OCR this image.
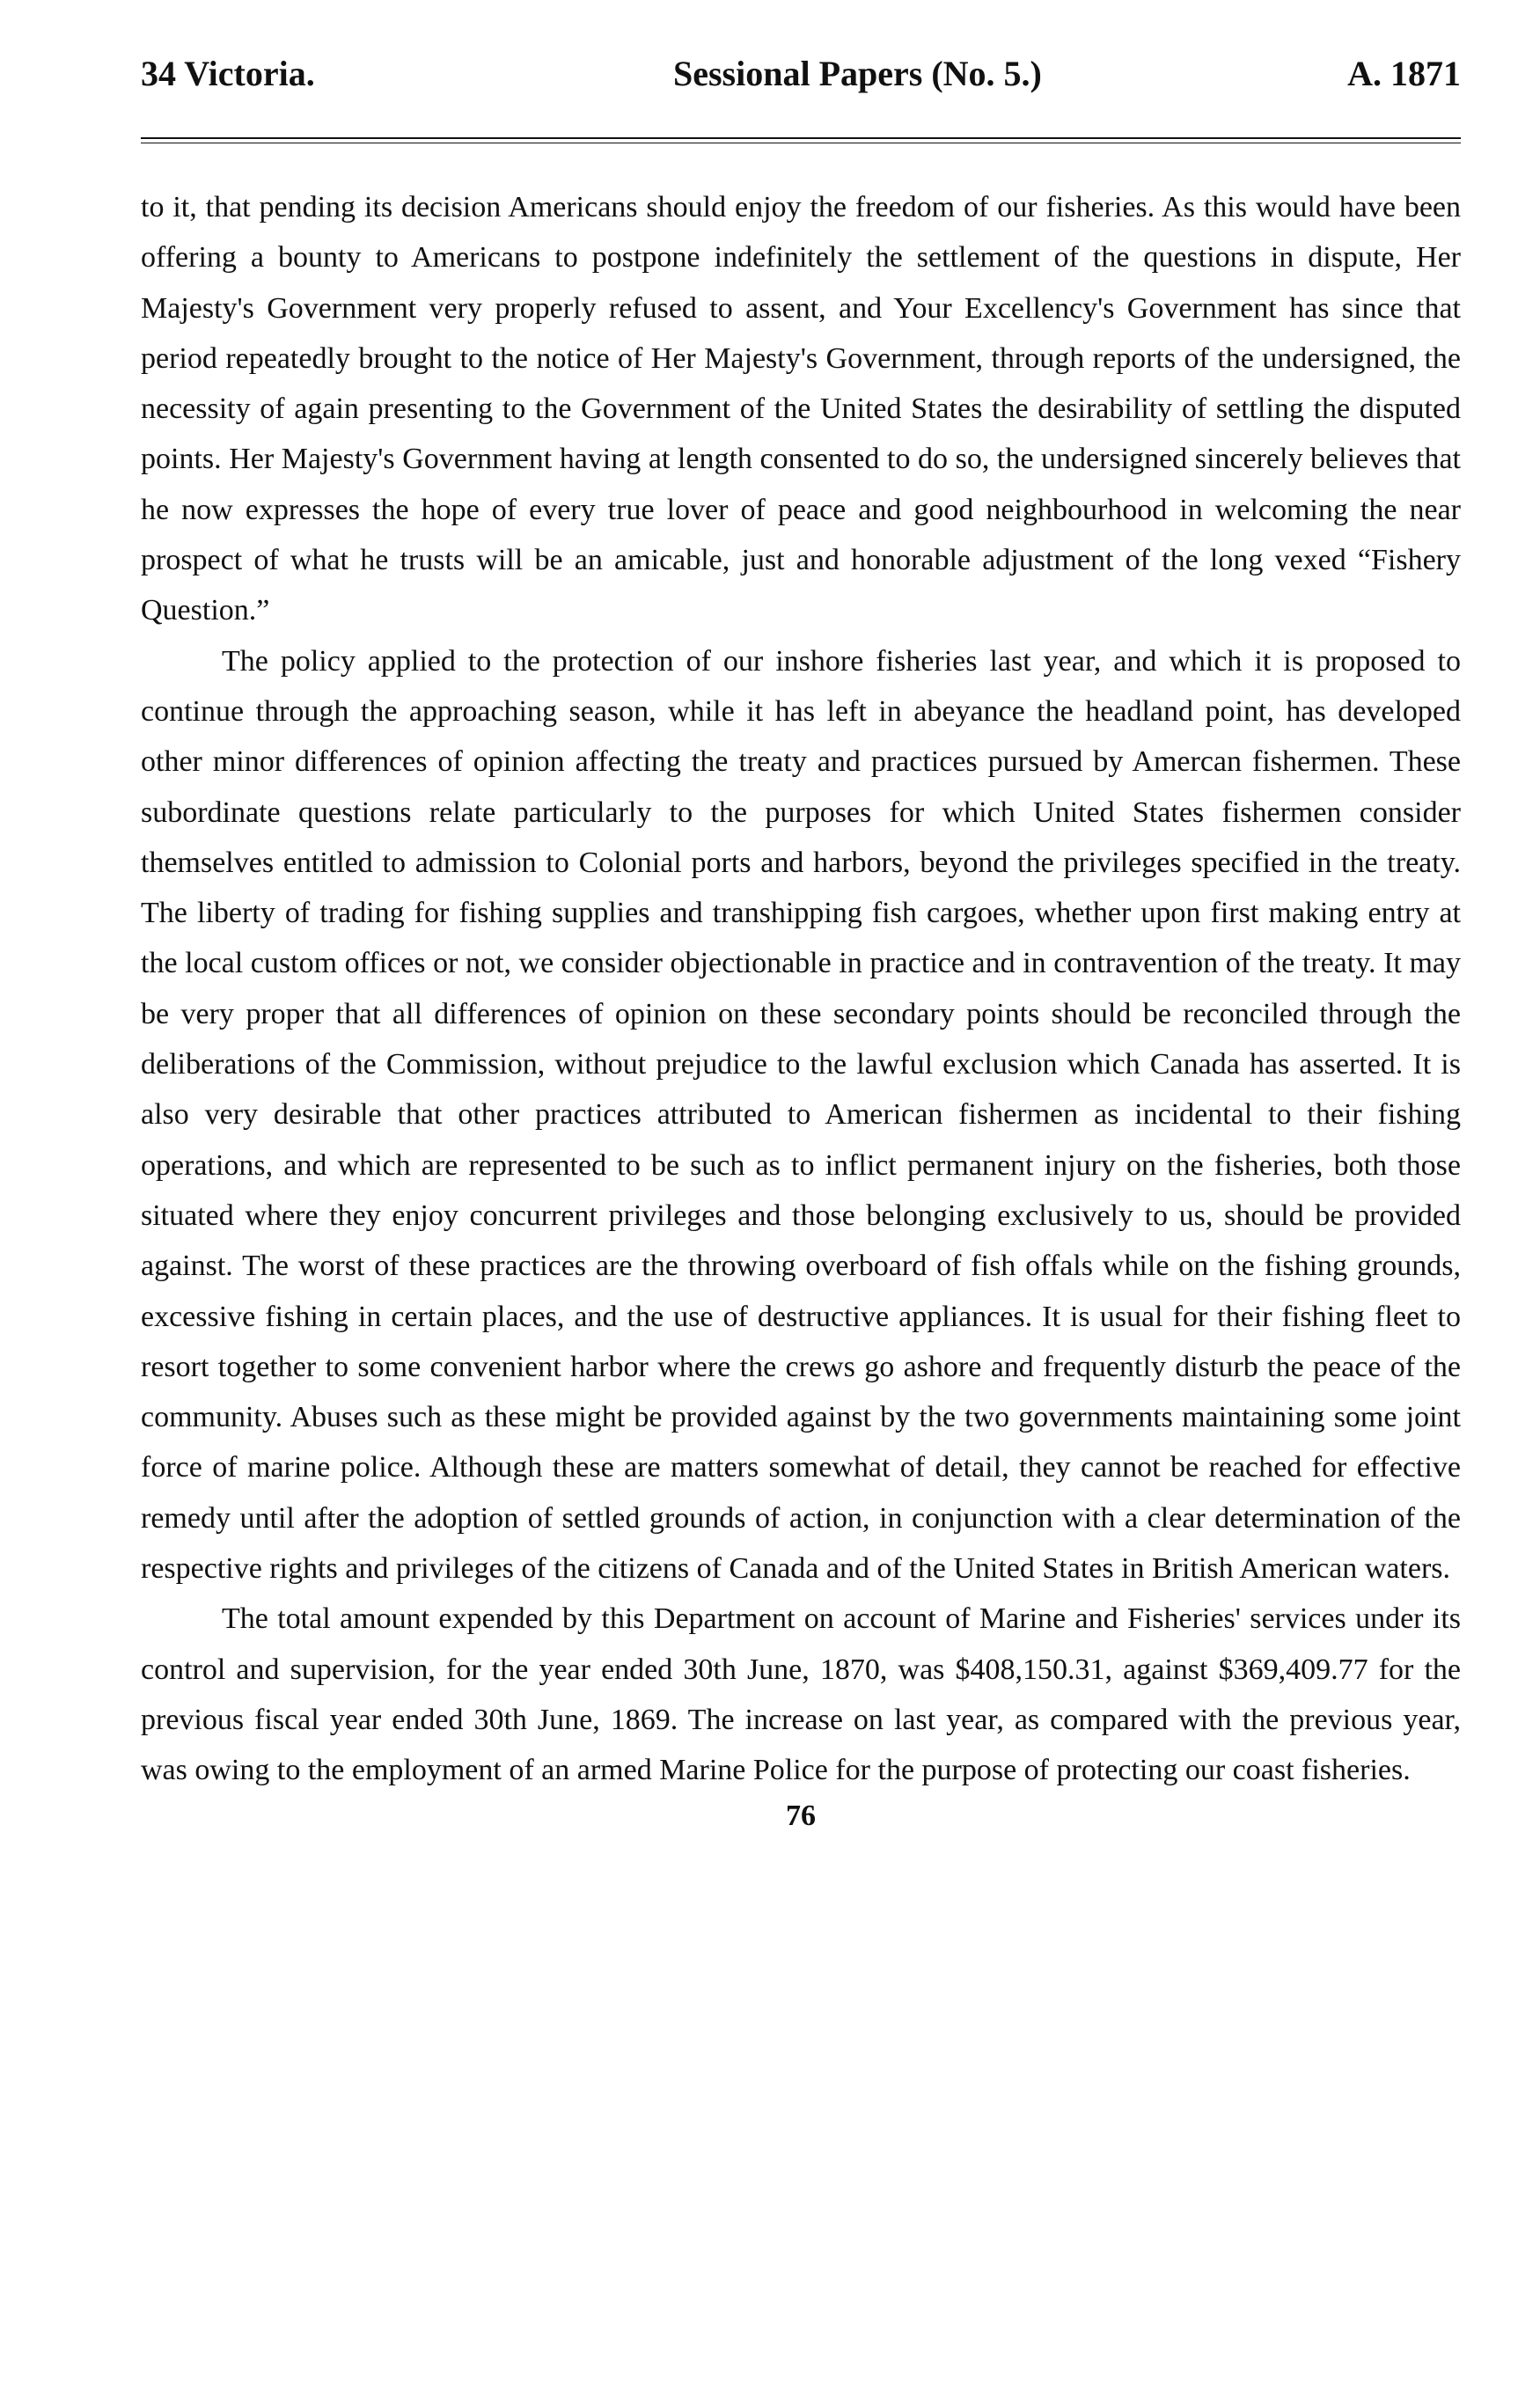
34 Victoria.	Sessional Papers (No. 5.)	A. 1871

to it, that pending its decision Americans should enjoy the freedom of our fisheries. As this would have been offering a bounty to Americans to postpone indefinitely the settlement of the questions in dispute, Her Majesty's Government very properly refused to assent, and Your Excellency's Government has since that period repeatedly brought to the notice of Her Majesty's Government, through reports of the undersigned, the necessity of again presenting to the Government of the United States the desirability of settling the disputed points. Her Majesty's Government having at length consented to do so, the undersigned sincerely believes that he now expresses the hope of every true lover of peace and good neighbourhood in welcoming the near prospect of what he trusts will be an amicable, just and honorable adjustment of the long vexed “Fishery Question.”

The policy applied to the protection of our inshore fisheries last year, and which it is proposed to continue through the approaching season, while it has left in abeyance the headland point, has developed other minor differences of opinion affecting the treaty and practices pursued by Amercan fishermen. These subordinate questions relate particularly to the purposes for which United States fishermen consider themselves entitled to admission to Colonial ports and harbors, beyond the privileges specified in the treaty. The liberty of trading for fishing supplies and transhipping fish cargoes, whether upon first making entry at the local custom offices or not, we consider objectionable in practice and in contravention of the treaty. It may be very proper that all differences of opinion on these secondary points should be reconciled through the deliberations of the Commission, without prejudice to the lawful exclusion which Canada has asserted. It is also very desirable that other practices attributed to American fishermen as incidental to their fishing operations, and which are represented to be such as to inflict permanent injury on the fisheries, both those situated where they enjoy concurrent privileges and those belonging exclusively to us, should be provided against. The worst of these practices are the throwing overboard of fish offals while on the fishing grounds, excessive fishing in certain places, and the use of destructive appliances. It is usual for their fishing fleet to resort together to some convenient harbor where the crews go ashore and frequently disturb the peace of the community. Abuses such as these might be provided against by the two governments maintaining some joint force of marine police. Although these are matters somewhat of detail, they cannot be reached for effective remedy until after the adoption of settled grounds of action, in conjunction with a clear determination of the respective rights and privileges of the citizens of Canada and of the United States in British American waters.

The total amount expended by this Department on account of Marine and Fisheries' services under its control and supervision, for the year ended 30th June, 1870, was $408,150.31, against $369,409.77 for the previous fiscal year ended 30th June, 1869. The increase on last year, as compared with the previous year, was owing to the employment of an armed Marine Police for the purpose of protecting our coast fisheries.

76
